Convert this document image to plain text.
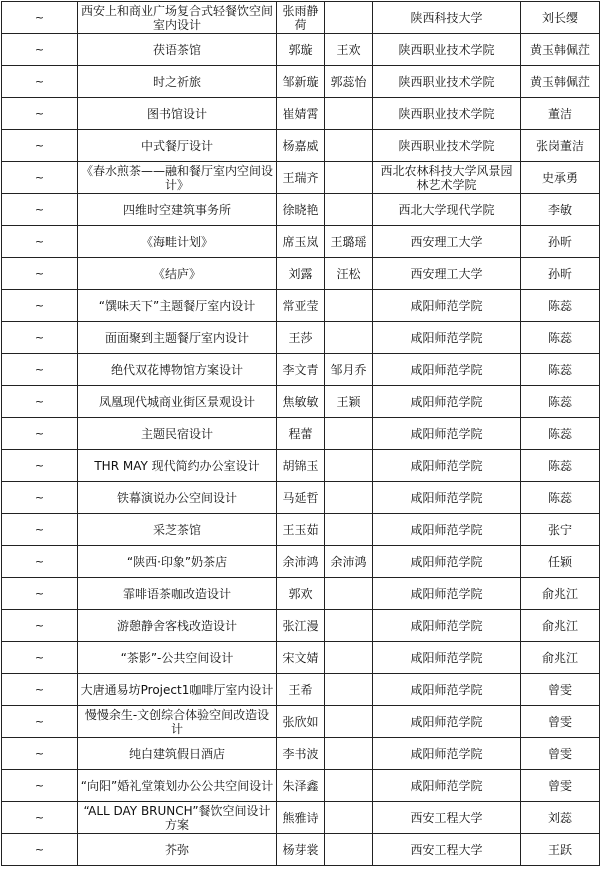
~	西安上和商业广场复合式轻餐饮空间室内设计	张雨静荷		陕西科技大学	刘长缨
~	茯语茶馆	郭璇	王欢	陕西职业技术学院	黄玉韩佩茳
~	时之祈旅	邹新璇	郭蕊怡	陕西职业技术学院	黄玉韩佩茳
~	图书馆设计	崔婧霄		陕西职业技术学院	董洁
~	中式餐厅设计	杨嘉威		陕西职业技术学院	张岗董洁
~	《春水煎茶——融和餐厅室内空间设计》	王瑞齐		西北农林科技大学风景园林艺术学院	史承勇
~	四维时空建筑事务所	徐晓艳		西北大学现代学院	李敏
~	《海畦计划》	席玉岚	王璐瑶	西安理工大学	孙昕
~	《结庐》	刘露	汪松	西安理工大学	孙昕
~	“馔味天下”主题餐厅室内设计	常亚莹		咸阳师范学院	陈蕊
~	面面聚到主题餐厅室内设计	王莎		咸阳师范学院	陈蕊
~	绝代双花博物馆方案设计	李文青	邹月乔	咸阳师范学院	陈蕊
~	凤凰现代城商业街区景观设计	焦敏敏	王颖	咸阳师范学院	陈蕊
~	主题民宿设计	程蕾		咸阳师范学院	陈蕊
~	THR MAY 现代简约办公室设计	胡锦玉		咸阳师范学院	陈蕊
~	铁幕演说办公空间设计	马延哲		咸阳师范学院	陈蕊
~	采芝茶馆	王玉茹		咸阳师范学院	张宁
~	“陕西·印象”奶茶店	余沛鸿	余沛鸿	咸阳师范学院	任颖
~	霏啡语茶咖改造设计	郭欢		咸阳师范学院	俞兆江
~	游憩静舍客栈改造设计	张江漫		咸阳师范学院	俞兆江
~	“茶影”-公共空间设计	宋文婧		咸阳师范学院	俞兆江
~	大唐通易坊Project1咖啡厅室内设计	王希		咸阳师范学院	曾雯
~	慢慢余生-文创综合体验空间改造设计	张欣如		咸阳师范学院	曾雯
~	纯白建筑假日酒店	李书波		咸阳师范学院	曾雯
~	“向阳”婚礼堂策划办公公共空间设计	朱泽鑫		咸阳师范学院	曾雯
~	“ALL DAY BRUNCH”餐饮空间设计方案	熊雅诗		西安工程大学	刘蕊
~	芥弥	杨芽裳		西安工程大学	王跃
